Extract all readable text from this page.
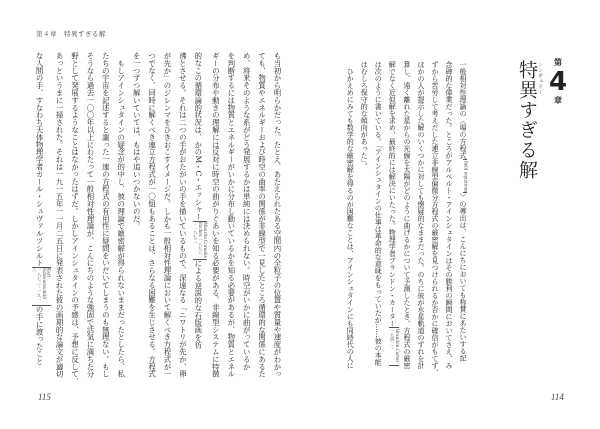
第４章　特異すぎる解
も当初から明らかだった。たとえ、あたえられたある空間内の全粒子の位置や質量や速度がわかっ
ても、物質やエネルギーおよび時空の曲率の関係が非線型で一見したところ循環的な関係にあるた
め、将来そのような系がどう発展するかは単純には決められない。時空がいかに曲がっているか
を判断するには物質とエネルギーがいかに分布し動いているかを知る必要があるが、物質とエネル
ギーの分布や動きの理解には反対に時空の曲がりぐあいを知る必要がある。非線型システムに特徴
的なこの循環論的状況は、かのM・C・エッシャーMaurits Cornelis Escher 一八九八－一九七二による逆説的な石版画を彷
彿とさせる。それは二つの手がおたがいの手を描いているもので、深遠なる「ニワトリが先か、卵
が先か」のジレンマをひきおこすイメージだ。しかも一般相対性理論において解くべき方程式が一
つでなく、同時に解くべき連立方程式が一〇組もあることは、さらなる困難を生じさせる。方程式
を一つずつ解いていては、もはや追いつかないのだ。
　もしアインシュタインの疑念が的中し、彼の理論で厳密解が得られないままだったとしたら、私
たちの宇宙を記述すると謳った一連の方程式の有用性に疑問をいだいてしまうのも無理ない。もし
そうなら過去一〇〇年以上にわたって一般相対性理論が、こんにちのような強固で活気に満ちた分
野として発展するようなことはなかったはずだ。しかしアインシュタインの予感は、予想に反して、
あっというまに一掃された。それは一九一五年一一月二五日に発表された彼の画期的な論文が適切
な人間の手、すなわち天体物理学者カール・シュヴァルツシルトKarl Schwarzschild 一八七三－一九一六の手に渡ったこと
115
第
4
章
シンギュラー
特異すぎる解
一般相対性理論の〈場の方程式field equations〉の導出は、こんにちにおいても称賛にあたいする記
念碑的な偉業だった。ところがアルベルト・アインシュタインはその勝利の瞬間においてさえ、み
ずから苦労して考えだした連立非線型偏微分方程式の厳密解を見つけられるか否かに確信がもてず、
ほかの人が提示した解のいくつかに対しても懐疑的なままだった。のちに彼が水星軌道のずれを計
算し、遠く離れた星からの光線を太陽がどのように曲げるかについて予測したとき、方程式の厳密
解でなく近似解を求め、最終的には解決にいたった。物理学者ブランドン・カーターBrandon Carter 一九四二－
は次のように書いている。「アインシュタインの仕事は革命的な意味をもっていたが……彼の本能
はむしろ保守的な傾向があった」。
　ひかえめにみても数学的な厳密解を得るのが困難なことは、アインシュタインにも同時代の人に
114
